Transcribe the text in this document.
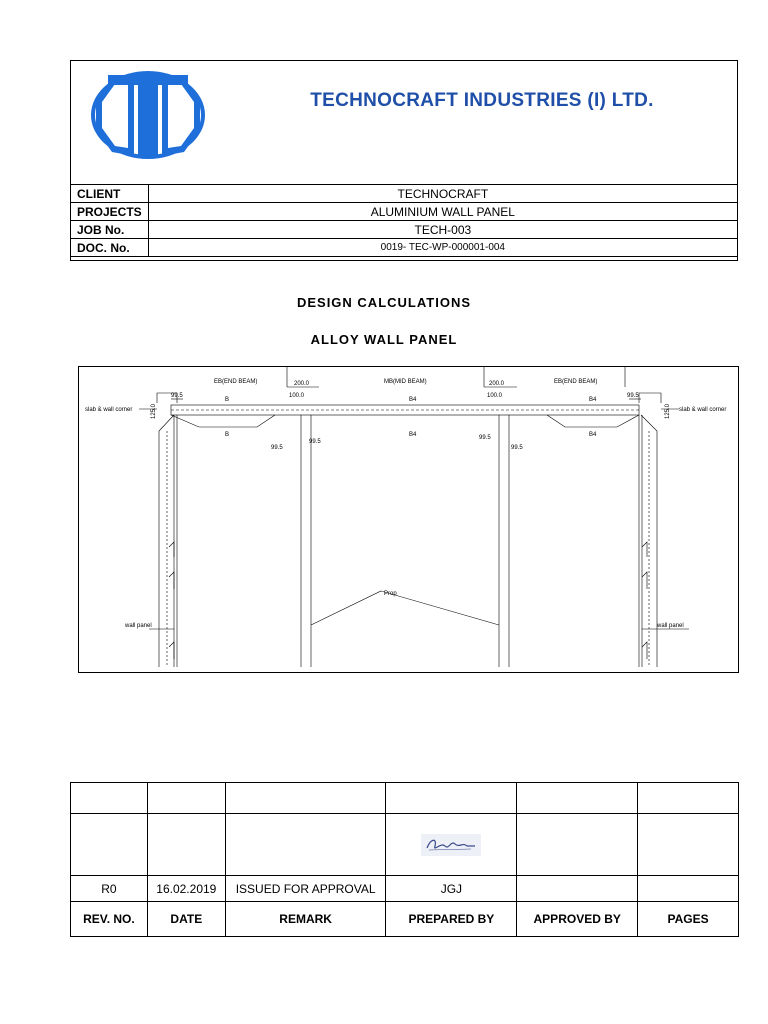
TECHNOCRAFT INDUSTRIES (I) LTD.
CLIENT	TECHNOCRAFT
PROJECTS	ALUMINIUM WALL PANEL
JOB No.	TECH-003
DOC. No.	0019- TEC-WP-000001-004
DESIGN CALCULATIONS
ALLOY WALL PANEL
EB(END BEAM)	MB(MID BEAM)	EB(END BEAM)
200.0	200.0
100.0	100.0
99.5	99.5
125.0	125.0
slab & wall corner	slab & wall corner
wall panel	wall panel
Prop
B
B
B4
B4
B4
B4
99.5
99.5
99.5
99.5

R0	16.02.2019	ISSUED FOR APPROVAL	JGJ		
REV. NO.	DATE	REMARK	PREPARED BY	APPROVED BY	PAGES
